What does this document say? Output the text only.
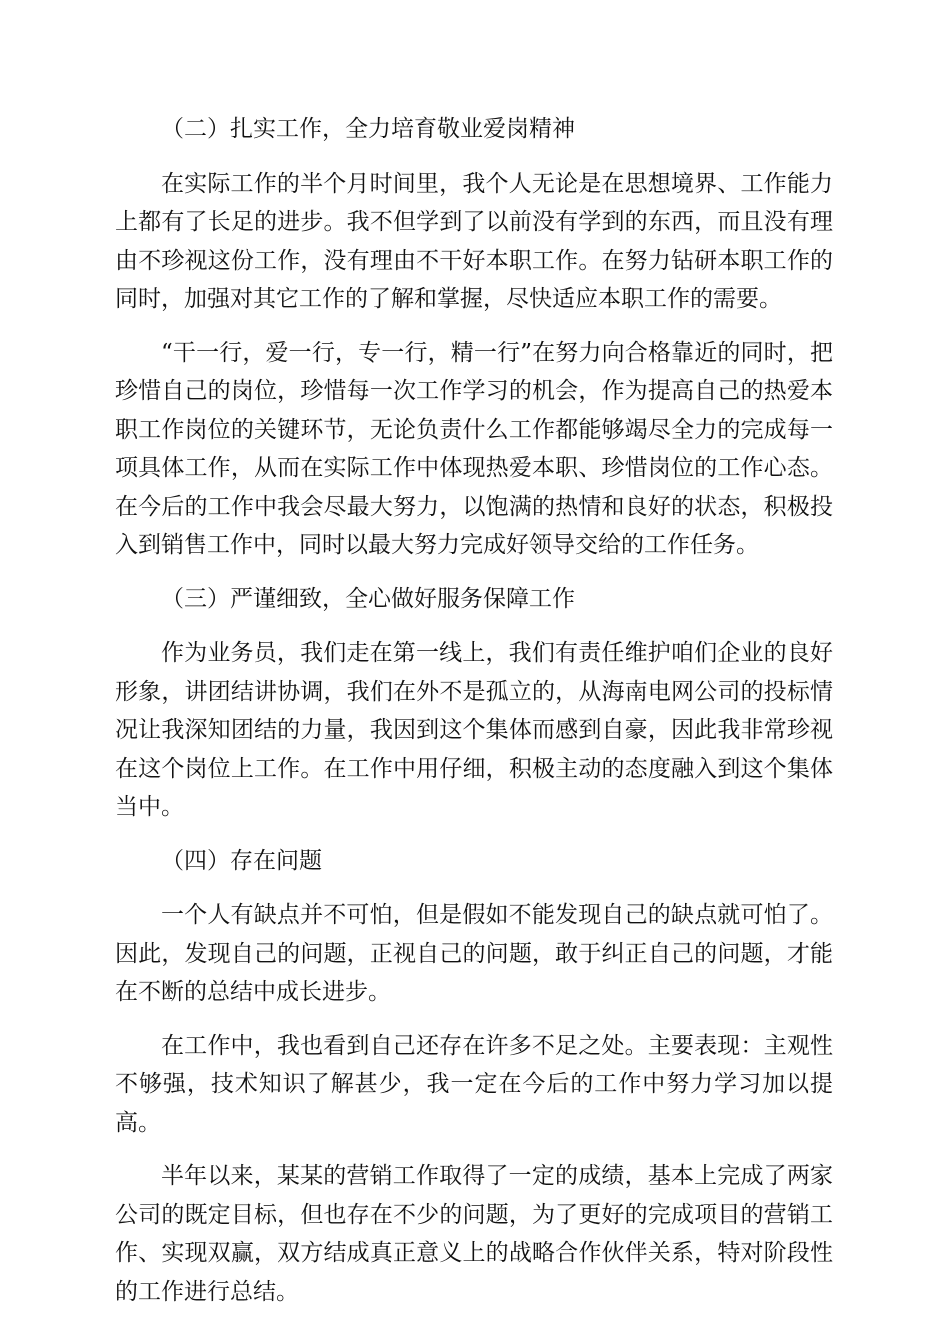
（二）扎实工作，全力培育敬业爱岗精神

在实际工作的半个月时间里，我个人无论是在思想境界、工作能力上都有了长足的进步。我不但学到了以前没有学到的东西，而且没有理由不珍视这份工作，没有理由不干好本职工作。在努力钻研本职工作的同时，加强对其它工作的了解和掌握，尽快适应本职工作的需要。

“干一行，爱一行，专一行，精一行”在努力向合格靠近的同时，把珍惜自己的岗位，珍惜每一次工作学习的机会，作为提高自己的热爱本职工作岗位的关键环节，无论负责什么工作都能够竭尽全力的完成每一项具体工作，从而在实际工作中体现热爱本职、珍惜岗位的工作心态。在今后的工作中我会尽最大努力，以饱满的热情和良好的状态，积极投入到销售工作中，同时以最大努力完成好领导交给的工作任务。

（三）严谨细致，全心做好服务保障工作

作为业务员，我们走在第一线上，我们有责任维护咱们企业的良好形象，讲团结讲协调，我们在外不是孤立的，从海南电网公司的投标情况让我深知团结的力量，我因到这个集体而感到自豪，因此我非常珍视在这个岗位上工作。在工作中用仔细，积极主动的态度融入到这个集体当中。

（四）存在问题

一个人有缺点并不可怕，但是假如不能发现自己的缺点就可怕了。因此，发现自己的问题，正视自己的问题，敢于纠正自己的问题，才能在不断的总结中成长进步。

在工作中，我也看到自己还存在许多不足之处。主要表现：主观性不够强，技术知识了解甚少，我一定在今后的工作中努力学习加以提高。

半年以来，某某的营销工作取得了一定的成绩，基本上完成了两家公司的既定目标，但也存在不少的问题，为了更好的完成项目的营销工作、实现双赢，双方结成真正意义上的战略合作伙伴关系，特对阶段性的工作进行总结。
